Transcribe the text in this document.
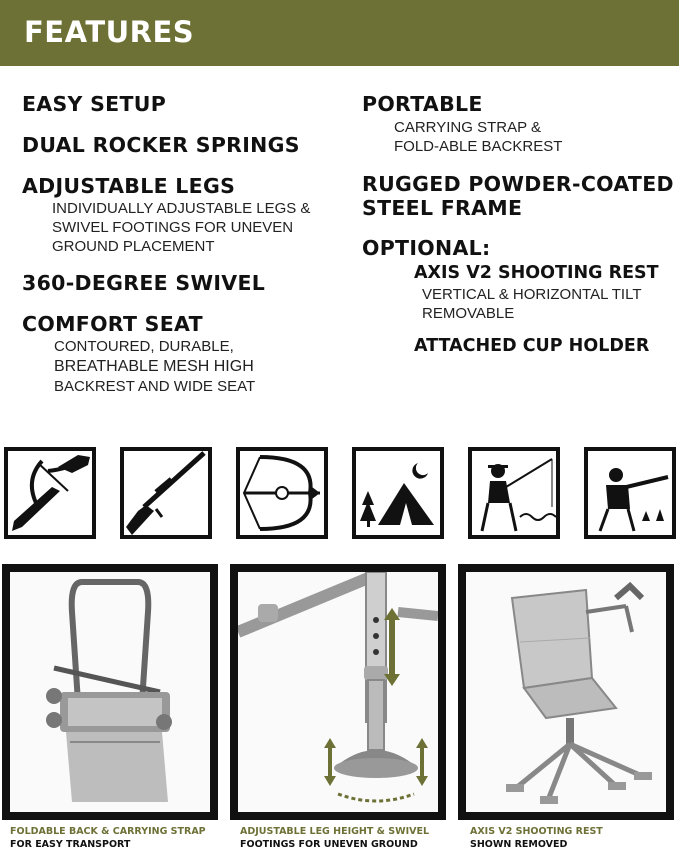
FEATURES
EASY SETUP
DUAL ROCKER SPRINGS
ADJUSTABLE LEGS
INDIVIDUALLY ADJUSTABLE LEGS &
SWIVEL FOOTINGS FOR UNEVEN
GROUND PLACEMENT
360-DEGREE SWIVEL
COMFORT SEAT
CONTOURED, DURABLE,
BREATHABLE MESH HIGH
BACKREST AND WIDE SEAT
PORTABLE
CARRYING STRAP &
FOLD-ABLE BACKREST
RUGGED POWDER-COATED
STEEL FRAME
OPTIONAL:
AXIS V2 SHOOTING REST
VERTICAL & HORIZONTAL TILT
REMOVABLE
ATTACHED CUP HOLDER
FOLDABLE BACK & CARRYING STRAP
FOR EASY TRANSPORT
ADJUSTABLE LEG HEIGHT & SWIVEL
FOOTINGS FOR UNEVEN GROUND
AXIS V2 SHOOTING REST
SHOWN REMOVED
